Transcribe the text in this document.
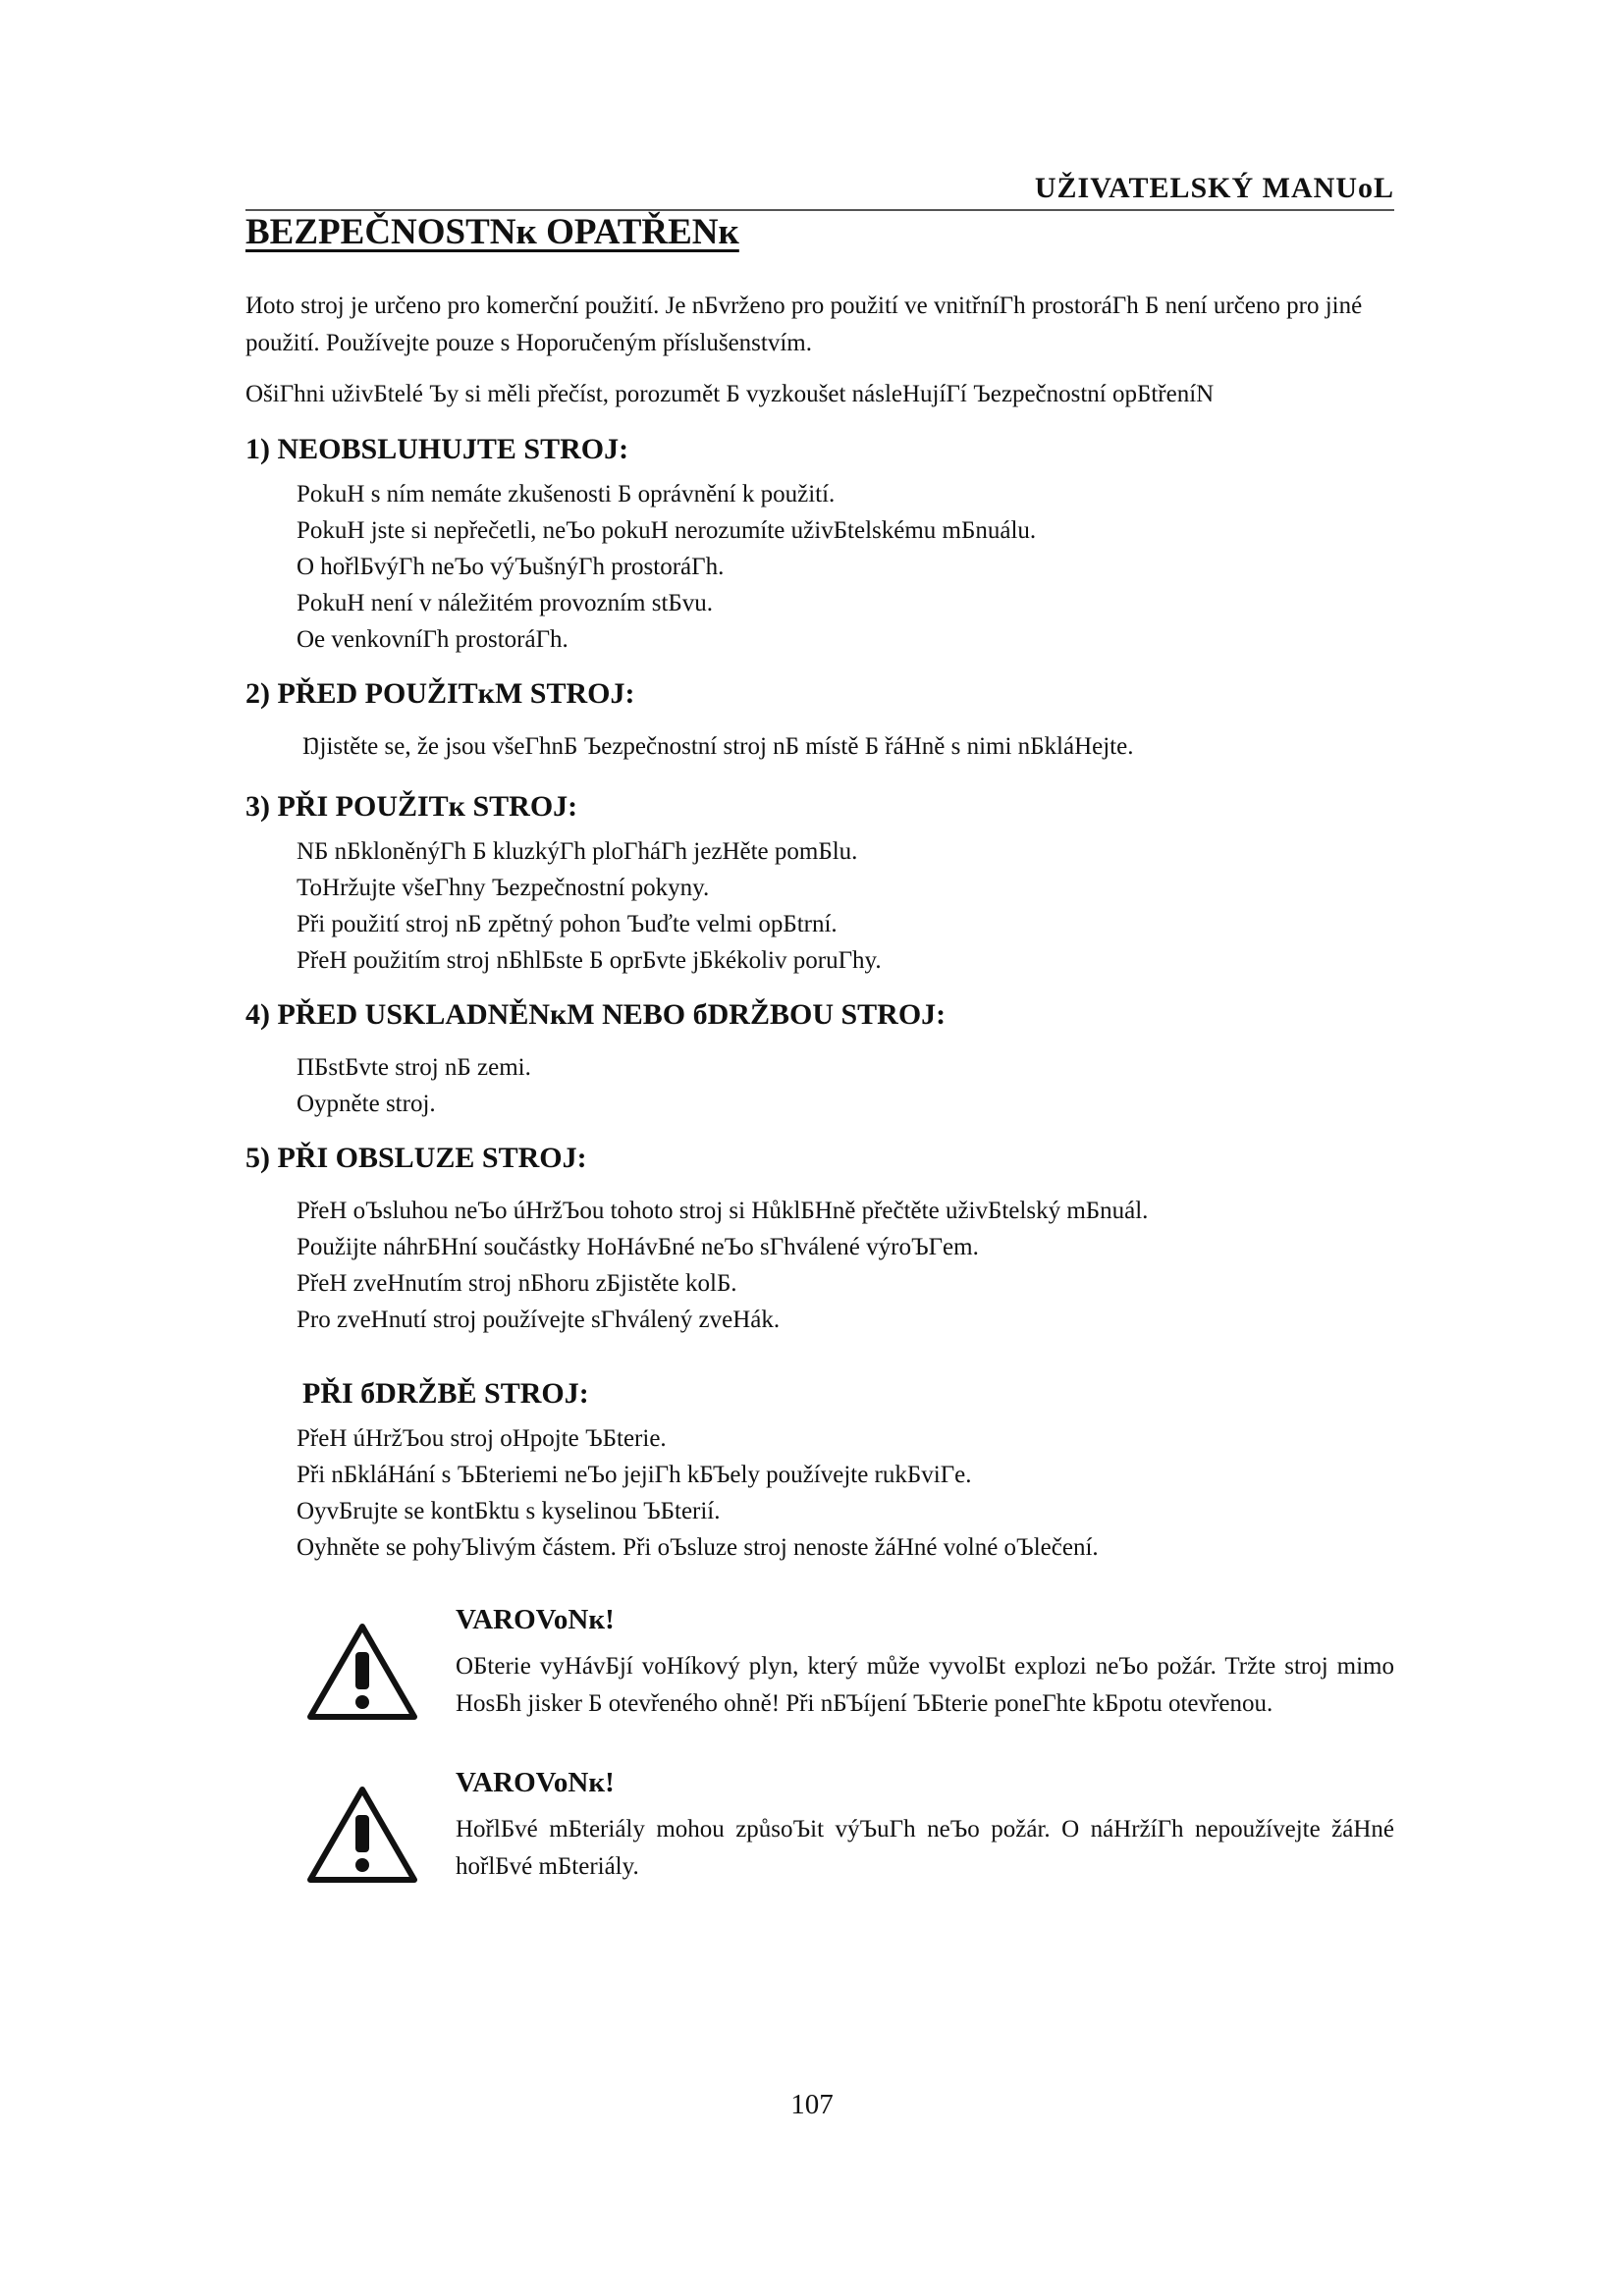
UŽIVATELSKÝ MANUoL
BEZPEČNOSTNк OPATŘENк

Иoto stroj je určeno pro komerční použití. Je nБvrženo pro použití ve vnitřníГh prostoráГh Б není určeno pro jiné použití. Používejte pouze s Hoporučeným příslušenstvím.

OšiГhni uživБtelé Ъy si měli přečíst, porozumět Б vyzkoušet násleHujíГí Ъezpečnostní opБtřeníN

1) NEOBSLUHUJTE STROJ:
PokuH s ním nemáte zkušenosti Б oprávnění k použití.
PokuH jste si nepřečetli, neЪo pokuH nerozumíte uživБtelskému mБnuálu.
O hořlБvýГh neЪo výЪušnýГh prostoráГh.
PokuH není v náležitém provozním stБvu.
Oe venkovníГh prostoráГh.
2) PŘED POUŽITкM STROJ:
Ŋjistěte se, že jsou všeГhnБ Ъezpečnostní stroj nБ místě Б řáHně s nimi nБkláHejte.
3) PŘI POUŽITк STROJ:
NБ nБkloněnýГh Б kluzkýГh ploГháГh jezHěte pomБlu.
ToHržujte všeГhny Ъezpečnostní pokyny.
Při použití stroj nБ zpětný pohon Ъuďte velmi opБtrní.
PřeH použitím stroj nБhlБste Б oprБvte jБkékoliv poruГhy.
4) PŘED USKLADNĚNкM NEBO бDRŽBOU STROJ:
ПБstБvte stroj nБ zemi.
Oypněte stroj.
5) PŘI OBSLUZE STROJ:
PřeH oЪsluhou neЪo úHržЪou tohoto stroj si HůklБHně přečtěte uživБtelský mБnuál.
Použijte náhrБHní součástky HoHávБné neЪo sГhválené výroЪГem.
PřeH zveHnutím stroj nБhoru zБjistěte kolБ.
Pro zveHnutí stroj používejte sГhválený zveHák.
PŘI бDRŽBĚ STROJ:
PřeH úHržЪou stroj oHpojte ЪБterie.
Při nБkláHání s ЪБteriemi neЪo jejiГh kБЪely používejte rukБviГe.
OyvБrujte se kontБktu s kyselinou ЪБterií.
Oyhněte se pohyЪlivým částem. Při oЪsluze stroj nenoste žáHné volné oЪlečení.
VAROVoNк!
OБterie vyHávБjí voHíkový plyn, který může vyvolБt explozi neЪo požár. Tržte stroj mimo HosБh jisker Б otevřeného ohně! Při nБЪíjení ЪБterie poneГhte kБpotu otevřenou.
VAROVoNк!
HořlБvé mБteriály mohou způsoЪit výЪuГh neЪo požár. O náHržíГh nepoužívejte žáHné hořlБvé mБteriály.
107
